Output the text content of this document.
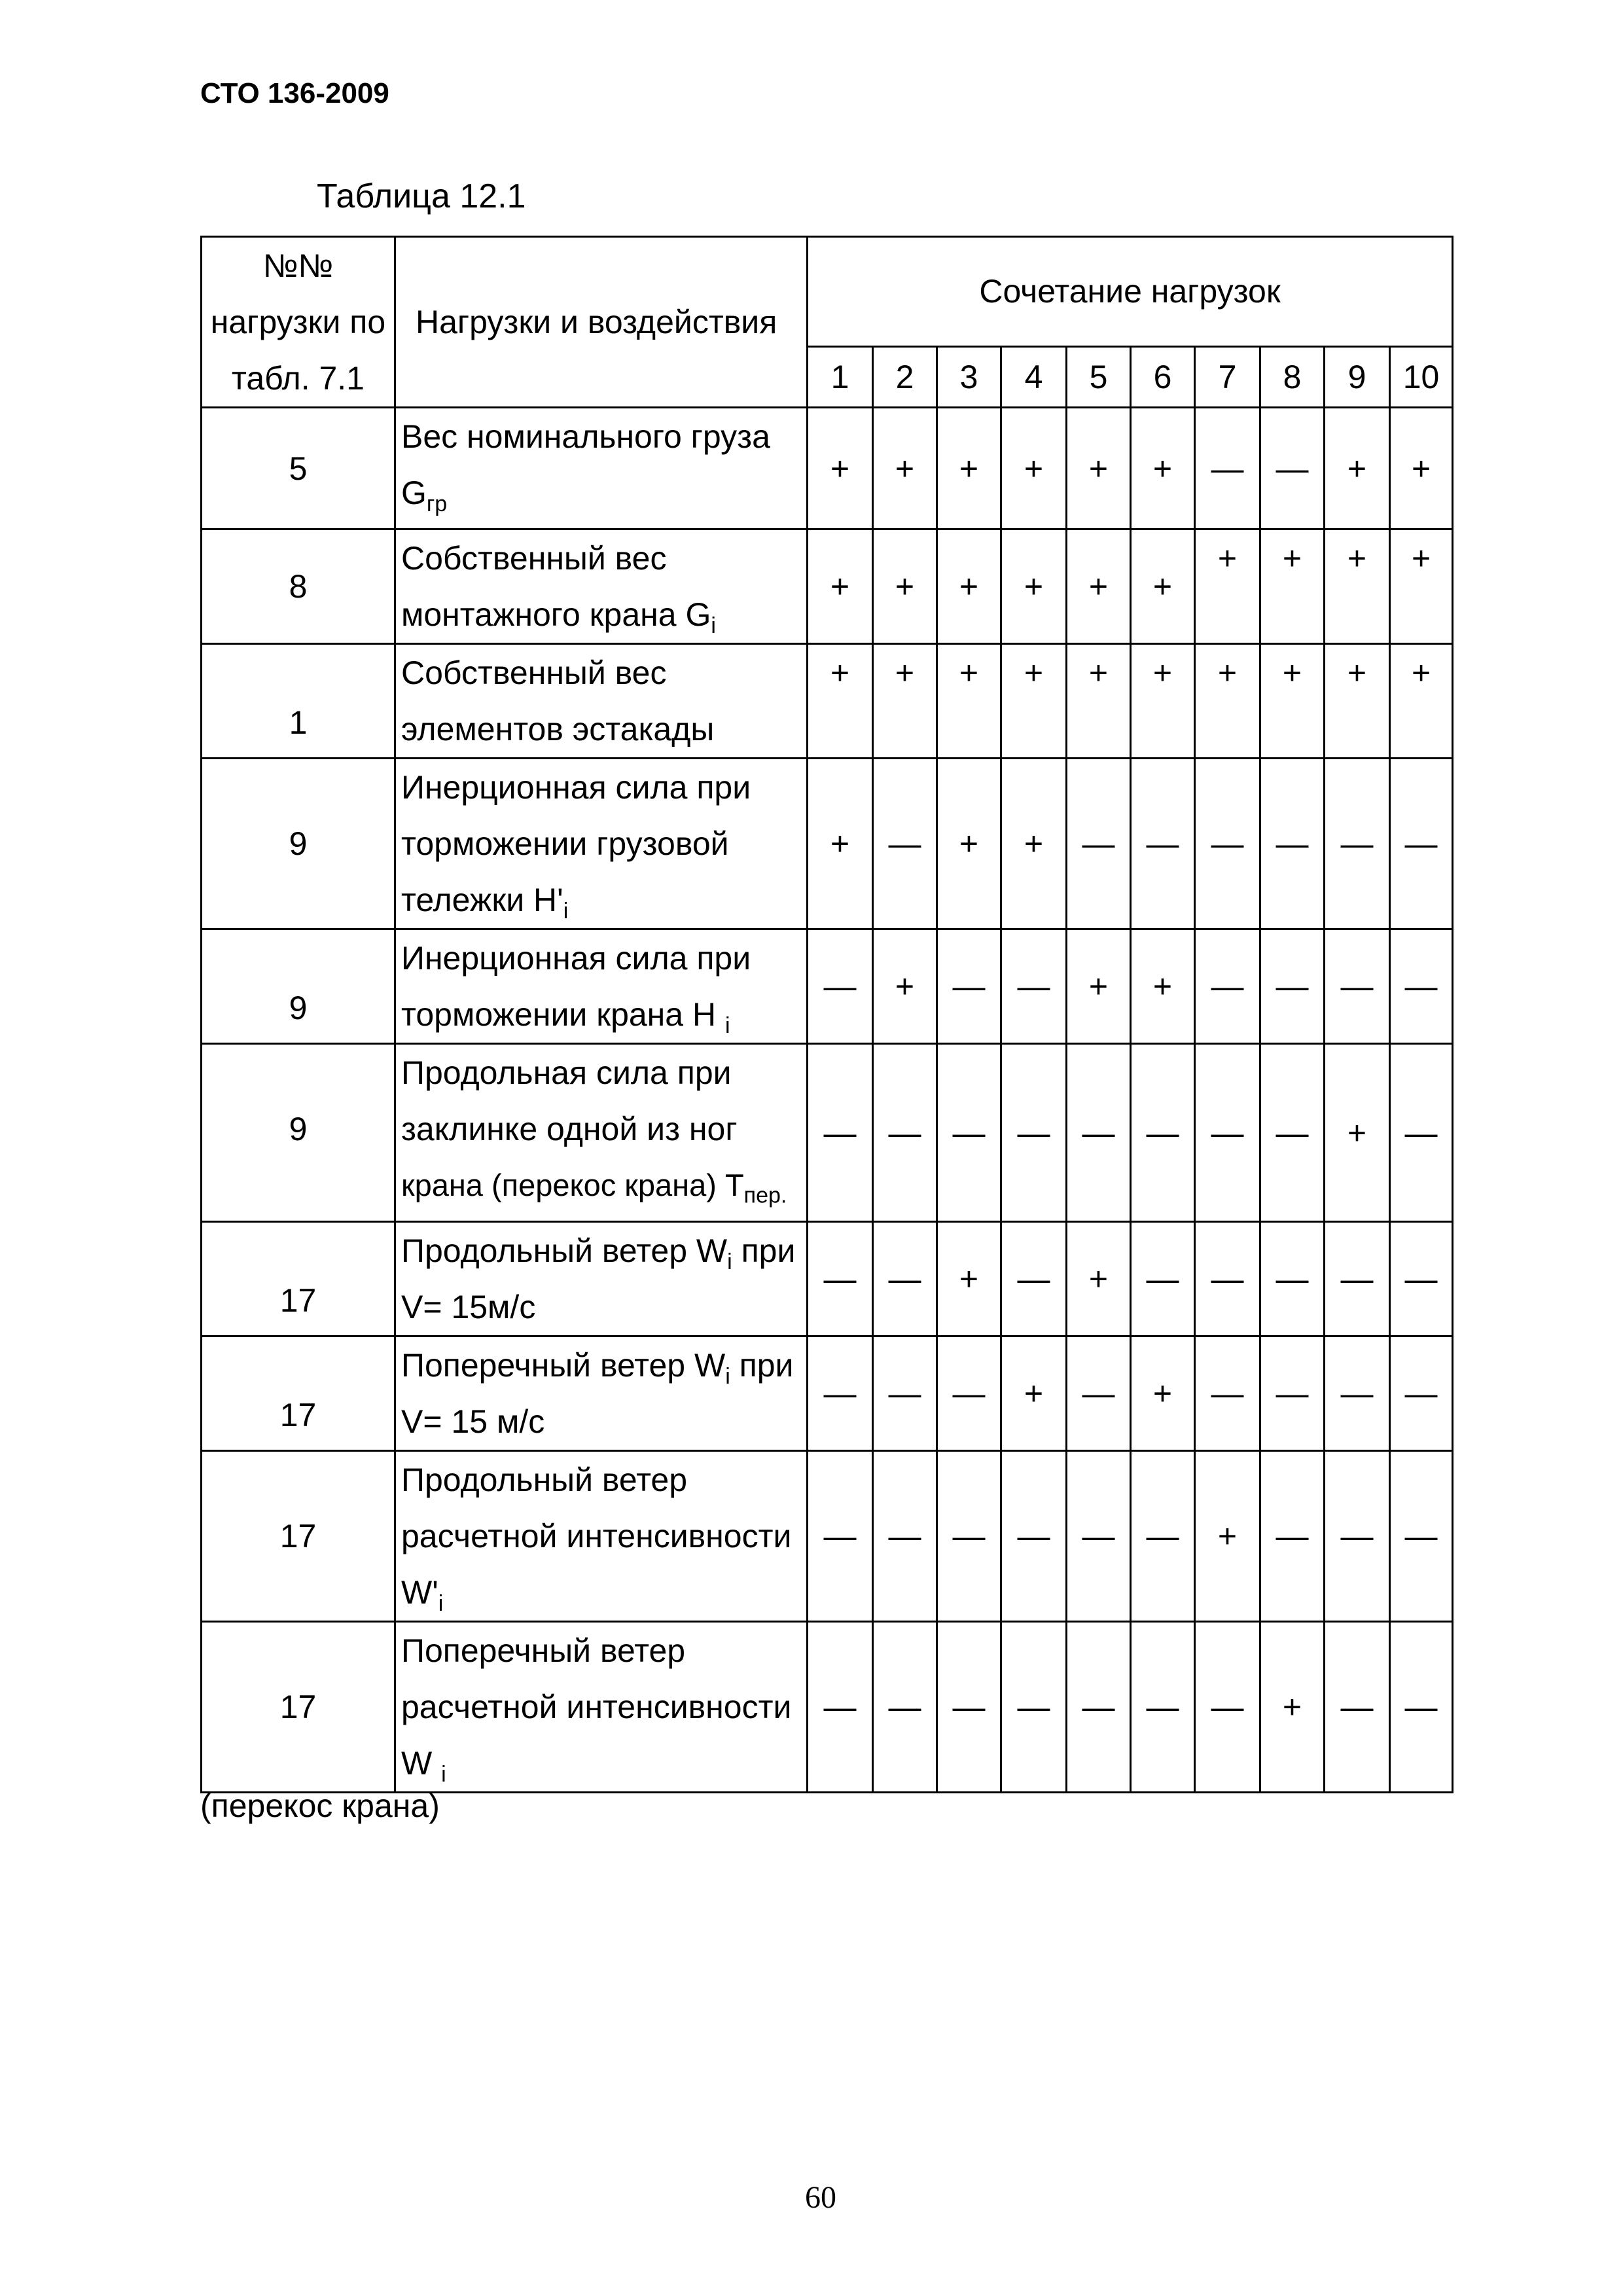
СТО 136-2009
Таблица 12.1
№№
нагрузки по
табл. 7.1	Нагрузки и воздействия	Сочетание нагрузок									
		1	2	3	4	5	6	7	8	9	10
5	Вес номинального груза
$G_{гр}$	+	+	+	+	+	+	—	—	+	+
8	Собственный вес
монтажного крана $G_i$	+	+	+	+	+	+	+	+	+	+
1	Собственный вес
элементов эстакады	+	+	+	+	+	+	+	+	+	+
9	Инерционная сила при
торможении грузовой
тележки $H'_i$	+	—	+	+	—	—	—	—	—	—
9	Инерционная сила при
торможении крана H $_i$	—	+	—	—	+	+	—	—	—	—
9	Продольная сила при
заклинке одной из ног
крана (перекос крана) $T_{пер.}$	—	—	—	—	—	—	—	—	+	—
17	Продольный ветер $W_i$ при
V= 15м/с	—	—	+	—	+	—	—	—	—	—
17	Поперечный ветер $W_i$ при
V= 15 м/с	—	—	—	+	—	+	—	—	—	—
17	Продольный ветер
расчетной интенсивности
$W'_i$	—	—	—	—	—	—	+	—	—	—
17	Поперечный ветер
расчетной интенсивности
W $_i$	—	—	—	—	—	—	—	+	—	—
(перекос крана)
60
